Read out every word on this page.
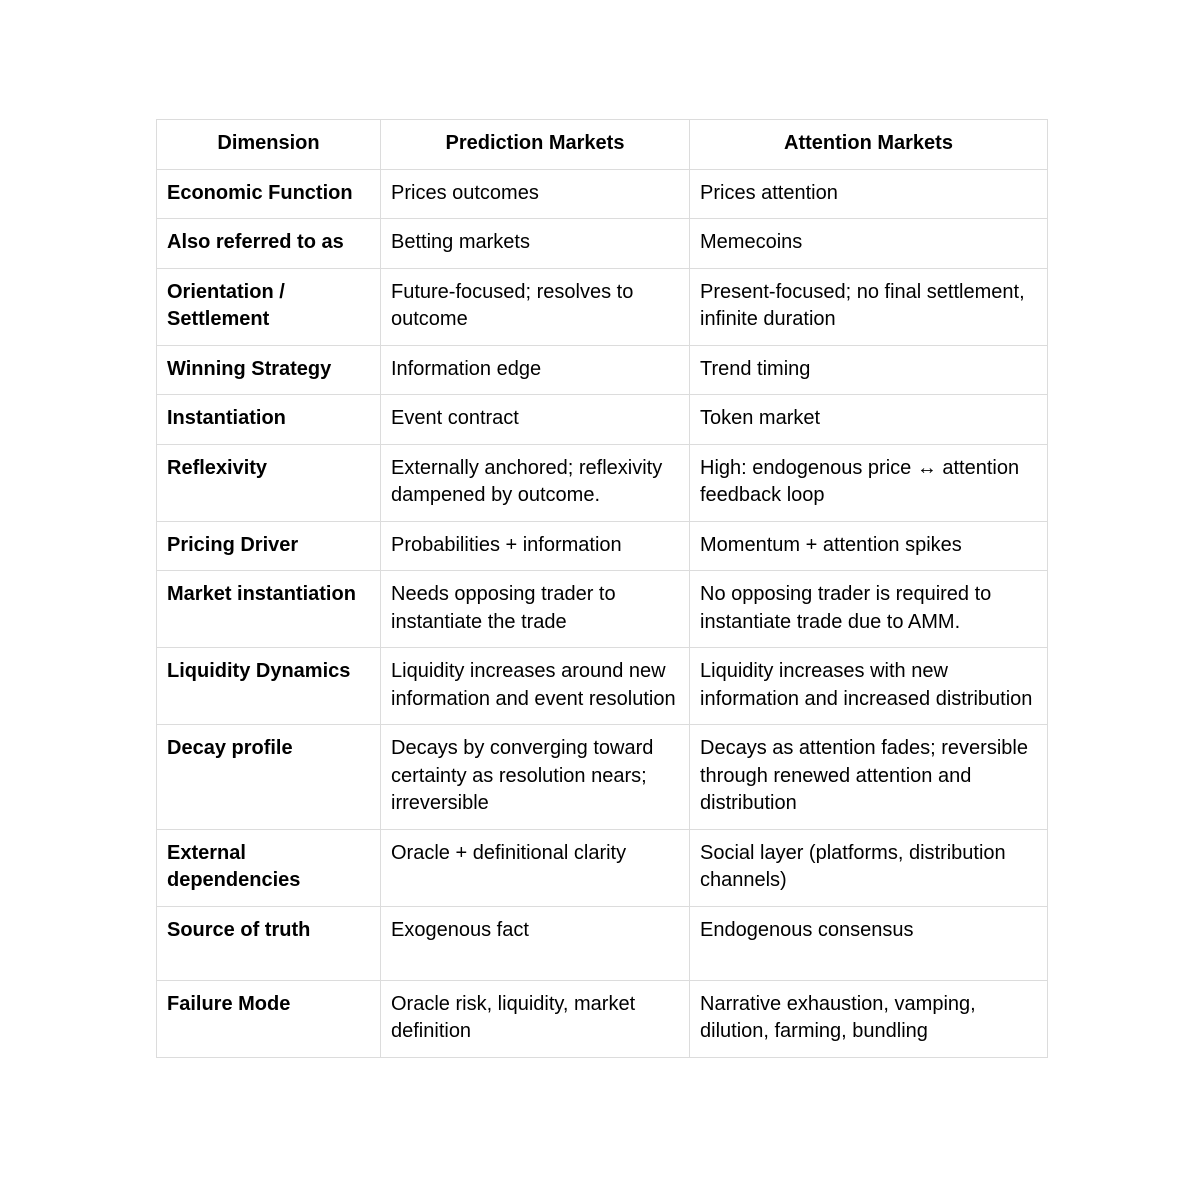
Dimension	Prediction Markets	Attention Markets
Economic Function	Prices outcomes	Prices attention
Also referred to as	Betting markets	Memecoins
Orientation / Settlement	Future-focused; resolves to outcome	Present-focused; no final settlement, infinite duration
Winning Strategy	Information edge	Trend timing
Instantiation	Event contract	Token market
Reflexivity	Externally anchored; reflexivity dampened by outcome.	High: endogenous price ↔ attention feedback loop
Pricing Driver	Probabilities + information	Momentum + attention spikes
Market instantiation	Needs opposing trader to instantiate the trade	No opposing trader is required to instantiate trade due to AMM.
Liquidity Dynamics	Liquidity increases around new information and event resolution	Liquidity increases with new information and increased distribution
Decay profile	Decays by converging toward certainty as resolution nears; irreversible	Decays as attention fades; reversible through renewed attention and distribution
External dependencies	Oracle + definitional clarity	Social layer (platforms, distribution channels)
Source of truth	Exogenous fact	Endogenous consensus
Failure Mode	Oracle risk, liquidity, market definition	Narrative exhaustion, vamping, dilution, farming, bundling
